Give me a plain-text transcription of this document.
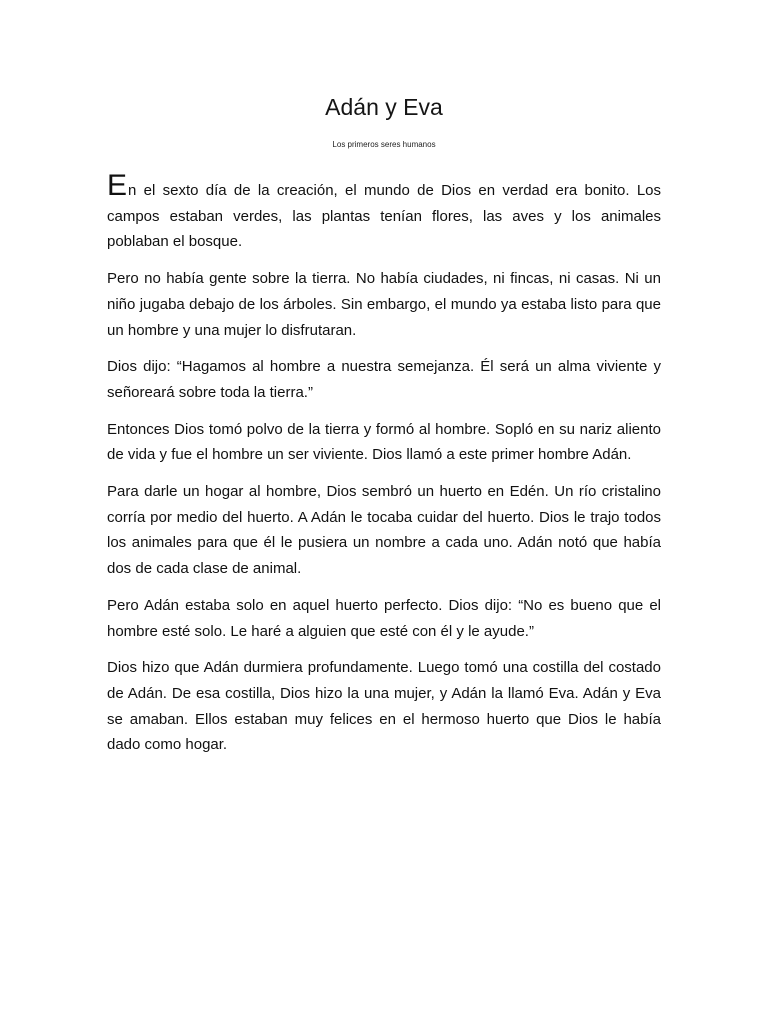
Adán y Eva
Los primeros seres humanos

En el sexto día de la creación, el mundo de Dios en verdad era bonito. Los campos estaban verdes, las plantas tenían flores, las aves y los animales poblaban el bosque.

Pero no había gente sobre la tierra. No había ciudades, ni fincas, ni casas. Ni un niño jugaba debajo de los árboles. Sin embargo, el mundo ya estaba listo para que un hombre y una mujer lo disfrutaran.

Dios dijo: “Hagamos al hombre a nuestra semejanza. Él será un alma viviente y señoreará sobre toda la tierra.”

Entonces Dios tomó polvo de la tierra y formó al hombre. Sopló en su nariz aliento de vida y fue el hombre un ser viviente. Dios llamó a este primer hombre Adán.

Para darle un hogar al hombre, Dios sembró un huerto en Edén. Un río cristalino corría por medio del huerto. A Adán le tocaba cuidar del huerto. Dios le trajo todos los animales para que él le pusiera un nombre a cada uno. Adán notó que había dos de cada clase de animal.

Pero Adán estaba solo en aquel huerto perfecto. Dios dijo: “No es bueno que el hombre esté solo. Le haré a alguien que esté con él y le ayude.”

Dios hizo que Adán durmiera profundamente. Luego tomó una costilla del costado de Adán. De esa costilla, Dios hizo la una mujer, y Adán la llamó Eva. Adán y Eva se amaban. Ellos estaban muy felices en el hermoso huerto que Dios le había dado como hogar.
